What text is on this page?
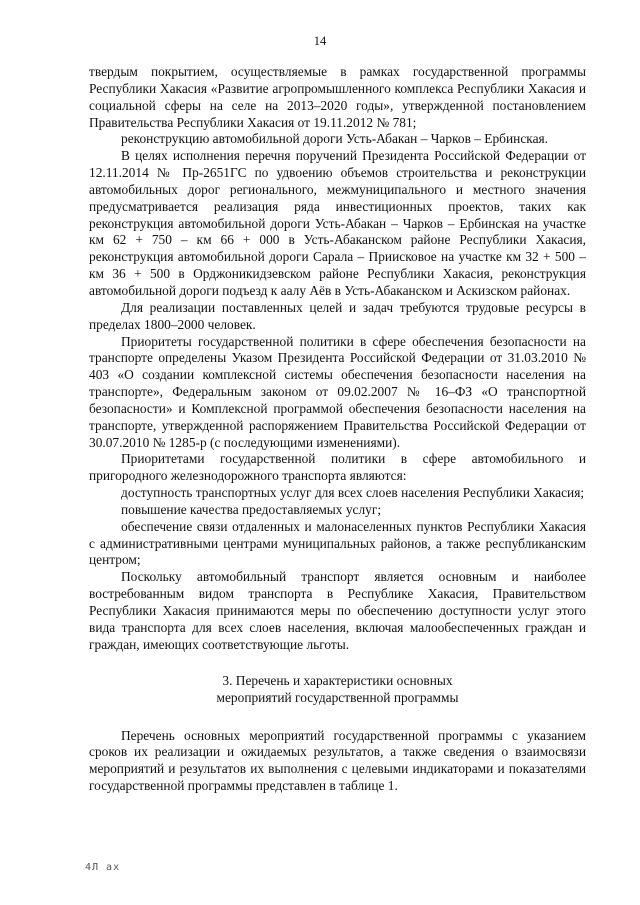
14

твердым покрытием, осуществляемые в рамках государственной программы Республики Хакасия «Развитие агропромышленного комплекса Республики Хакасия и социальной сферы на селе на 2013–2020 годы», утвержденной постановлением Правительства Республики Хакасия от 19.11.2012 № 781;

реконструкцию автомобильной дороги Усть-Абакан – Чарков – Ербинская.

В целях исполнения перечня поручений Президента Российской Федерации от 12.11.2014 № Пр-2651ГС по удвоению объемов строительства и реконструкции автомобильных дорог регионального, межмуниципального и местного значения предусматривается реализация ряда инвестиционных проектов, таких как реконструкция автомобильной дороги Усть-Абакан – Чарков – Ербинская на участке км 62 + 750 – км 66 + 000 в Усть-Абаканском районе Республики Хакасия, реконструкция автомобильной дороги Сарала – Приисковое на участке км 32 + 500 – км 36 + 500 в Орджоникидзевском районе Республики Хакасия, реконструкция автомобильной дороги подъезд к аалу Аёв в Усть-Абаканском и Аскизском районах.

Для реализации поставленных целей и задач требуются трудовые ресурсы в пределах 1800–2000 человек.

Приоритеты государственной политики в сфере обеспечения безопасности на транспорте определены Указом Президента Российской Федерации от 31.03.2010 № 403 «О создании комплексной системы обеспечения безопасности населения на транспорте», Федеральным законом от 09.02.2007 № 16–ФЗ «О транспортной безопасности» и Комплексной программой обеспечения безопасности населения на транспорте, утвержденной распоряжением Правительства Российской Федерации от 30.07.2010 № 1285-р (с последующими изменениями).

Приоритетами государственной политики в сфере автомобильного и пригородного железнодорожного транспорта являются:

доступность транспортных услуг для всех слоев населения Республики Хакасия;

повышение качества предоставляемых услуг;

обеспечение связи отдаленных и малонаселенных пунктов Республики Хакасия с административными центрами муниципальных районов, а также республиканским центром;

Поскольку автомобильный транспорт является основным и наиболее востребованным видом транспорта в Республике Хакасия, Правительством Республики Хакасия принимаются меры по обеспечению доступности услуг этого вида транспорта для всех слоев населения, включая малообеспеченных граждан и граждан, имеющих соответствующие льготы.

3. Перечень и характеристики основных
мероприятий государственной программы

Перечень основных мероприятий государственной программы с указанием сроков их реализации и ожидаемых результатов, а также сведения о взаимосвязи мероприятий и результатов их выполнения с целевыми индикаторами и показателями государственной программы представлен в таблице 1.

4Л ax
